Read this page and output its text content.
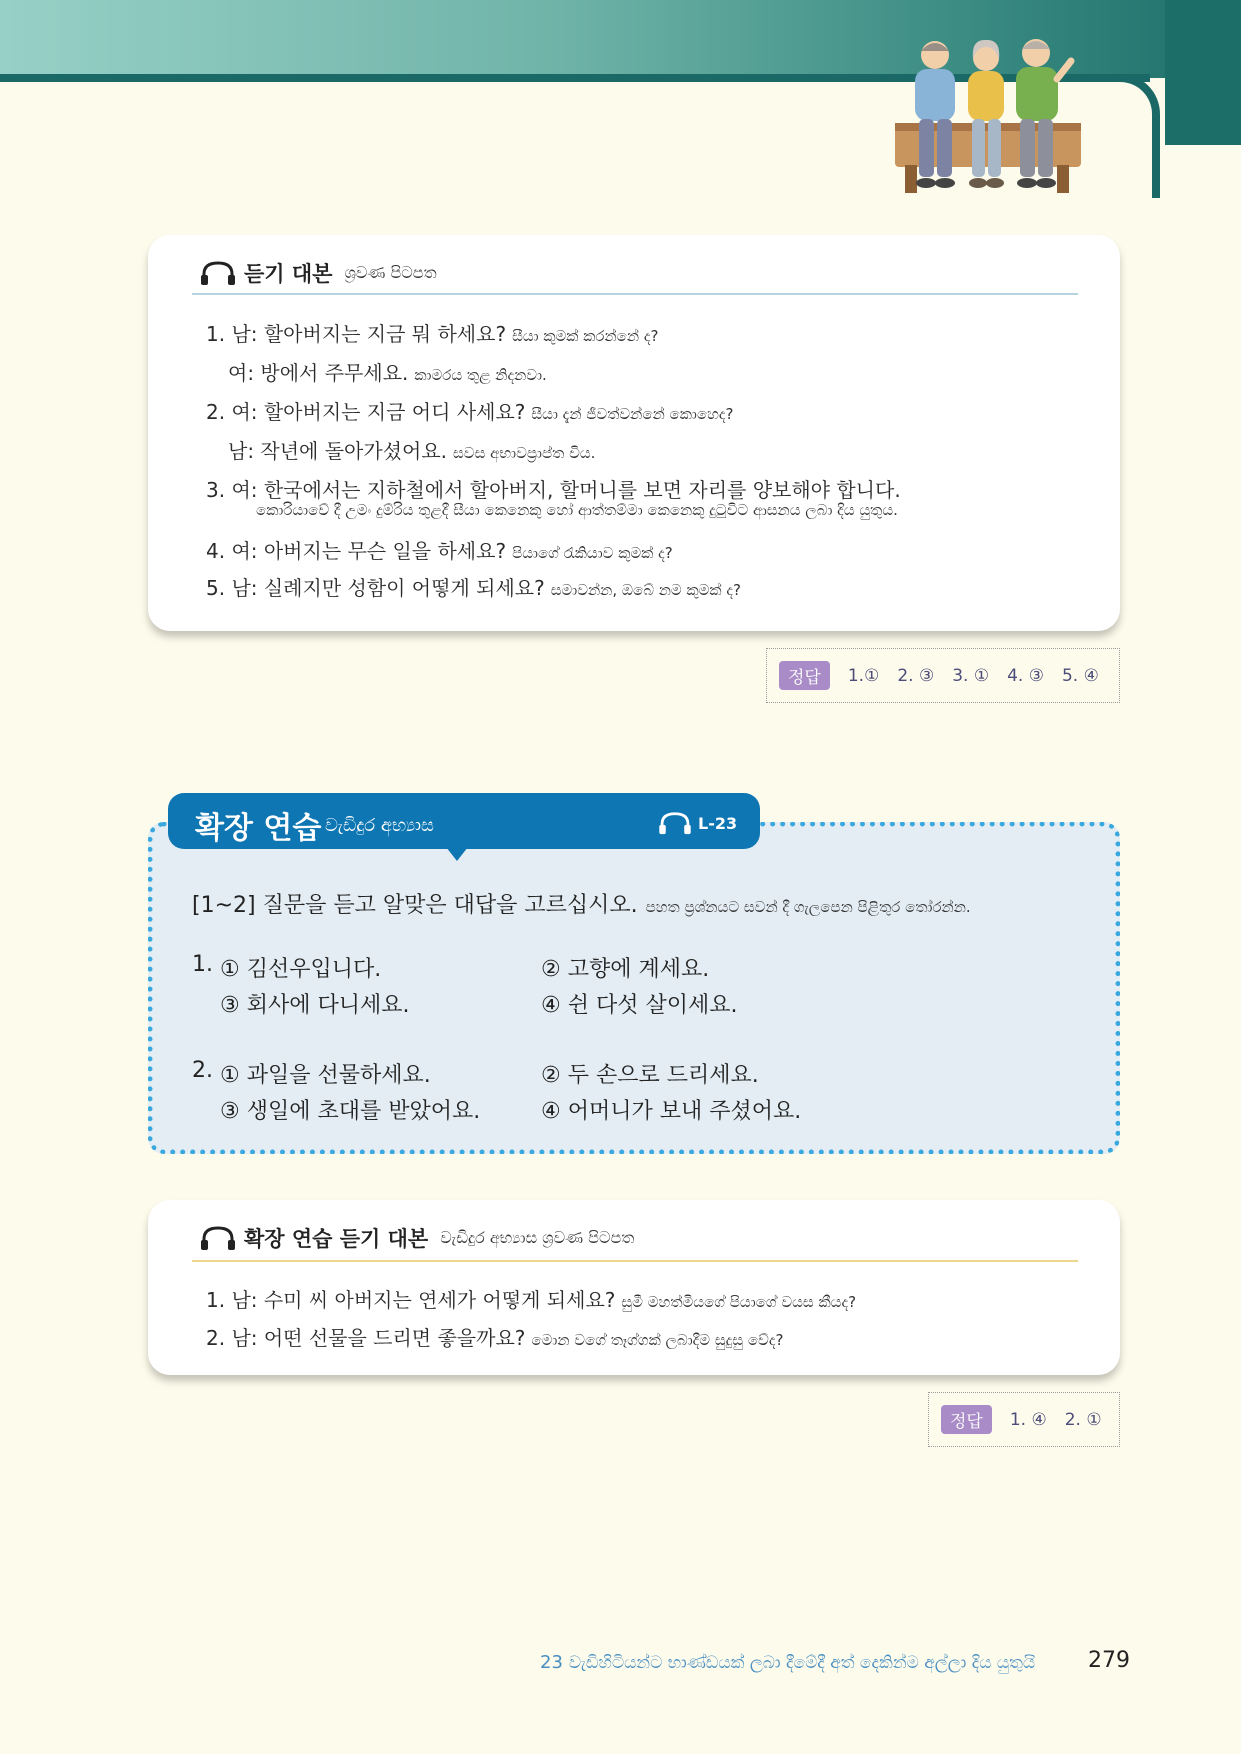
듣기 대본 ශ්‍රවණ පිටපත
1. 남: 할아버지는 지금 뭐 하세요? සීයා කුමක් කරන්නේ ද?
여: 방에서 주무세요. කාමරය තුළ නිදනවා.
2. 여: 할아버지는 지금 어디 사세요? සීයා දැන් ජීවත්වන්නේ කොහෙද?
남: 작년에 돌아가셨어요. සවස අභාවප්‍රාප්ත විය.
3. 여: 한국에서는 지하철에서 할아버지, 할머니를 보면 자리를 양보해야 합니다.
කොරියාවේ දී උමං දුම්රිය තුළදී සීයා කෙනෙකු හෝ ආත්තම්මා කෙනෙකු දුටුවිට ආසනය ලබා දිය යුතුය.
4. 여: 아버지는 무슨 일을 하세요? පියාගේ රැකියාව කුමක් ද?
5. 남: 실례지만 성함이 어떻게 되세요? සමාවන්න, ඔබේ නම කුමක් ද?
정답	1.① 2. ③ 3. ① 4. ③ 5. ④
확장 연습 වැඩිදුර අභ්‍යාස	L-23
[1~2] 질문을 듣고 알맞은 대답을 고르십시오. පහත ප්‍රශ්නයට සවන් දී ගැලපෙන පිළිතුර තෝරන්න.
1. ① 김선우입니다.	② 고향에 계세요.
③ 회사에 다니세요.	④ 쉰 다섯 살이세요.
2. ① 과일을 선물하세요.	② 두 손으로 드리세요.
③ 생일에 초대를 받았어요.	④ 어머니가 보내 주셨어요.
확장 연습 듣기 대본 වැඩිදුර අභ්‍යාස ශ්‍රවණ පිටපත
1. 남: 수미 씨 아버지는 연세가 어떻게 되세요? සුමී මහත්මියගේ පියාගේ වයස කීයද?
2. 남: 어떤 선물을 드리면 좋을까요? මොන වගේ තෑග්ගක් ලබාදීම සුදුසු වේද?
정답	1. ④ 2. ①
23 වැඩිහිටියන්ට භාණ්ඩයක් ලබා දීමේදී අත් දෙකින්ම අල්ලා දිය යුතුයි 279
